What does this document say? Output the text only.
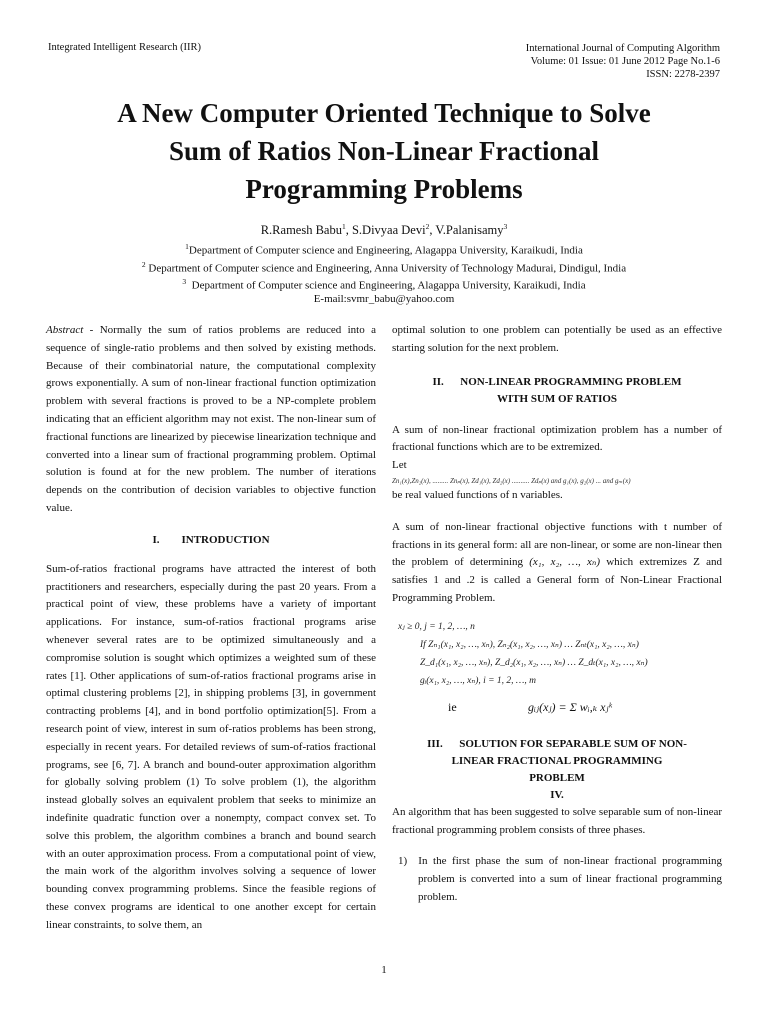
Integrated Intelligent Research (IIR)	International Journal of Computing Algorithm
Volume: 01 Issue: 01 June 2012 Page No.1-6
ISSN: 2278-2397
A New Computer Oriented Technique to Solve
Sum of Ratios Non-Linear Fractional
Programming Problems
R.Ramesh Babu$^1$, S.Divyaa Devi$^2$, V.Palanisamy$^3$
$^1$Department of Computer science and Engineering, Alagappa University, Karaikudi, India
$^2$ Department of Computer science and Engineering, Anna University of Technology Madurai, Dindigul, India
$^3$ Department of Computer science and Engineering, Alagappa University, Karaikudi, India
E-mail:svmr_babu@yahoo.com

Abstract - Normally the sum of ratios problems are reduced into a sequence of single-ratio problems and then solved by existing methods. Because of their combinatorial nature, the computational complexity grows exponentially. A sum of non-linear fractional function optimization problem with several fractions is proved to be a NP-complete problem indicating that an efficient algorithm may not exist. The non-linear sum of fractional functions are linearized by piecewise linearization technique and converted into a linear sum of fractional programming problem. Optimal solution is found at for the new problem. The number of iterations depends on the contribution of decision variables to objective function value.

I.        INTRODUCTION

Sum-of-ratios fractional programs have attracted the interest of both practitioners and researchers, especially during the past 20 years. From a practical point of view, these problems have a variety of important applications. For instance, sum-of-ratios fractional programs arise whenever several rates are to be optimized simultaneously and a compromise solution is sought which optimizes a weighted sum of these rates [1]. Other applications of sum-of-ratios fractional programs arise in optimal clustering problems [2], in shipping problems [3], in government contracting problems [4], and in bond portfolio optimization[5]. From a research point of view, interest in sum of-ratios problems has been strong, especially in recent years. For detailed reviews of sum-of-ratios fractional programs, see [6, 7]. A branch and bound-outer approximation algorithm for globally solving problem (1) To solve problem (1), the algorithm instead globally solves an equivalent problem that seeks to minimize an indefinite quadratic function over a nonempty, compact convex set. To solve this problem, the algorithm combines a branch and bound search with an outer approximation process. From a computational point of view, the main work of the algorithm involves solving a sequence of lower bounding convex programming problems. Since the feasible regions of these convex programs are identical to one another except for certain linear constraints, to solve them, an

optimal solution to one problem can potentially be used as an effective starting solution for the next problem.

II.      NON-LINEAR PROGRAMMING PROBLEM

WITH SUM OF RATIOS

A sum of non-linear fractional optimization problem has a number of fractional functions which are to be extremized.

Let

Zn₁(x),Zn₂(x), ......... Znₚ(x), Zd₁(x), Zd₂(x) .......... Zdₚ(x) and g₁(x), g₂(x) ... and gₘ(x)

be real valued functions of n variables.

A sum of non-linear fractional objective functions with t number of fractions in its general form: all are non-linear, or some are non-linear then the problem of determining (x₁, x₂, …, xₙ) which extremizes Z and satisfies 1 and .2 is called a General form of Non-Linear Fractional Programming Problem.

xⱼ ≥ 0, j = 1, 2, …, n
If Zₙ₁(x₁, x₂, …, xₙ), Zₙ₂(x₁, x₂, …, xₙ) … Zₙₜ(x₁, x₂, …, xₙ)
Z_d₁(x₁, x₂, …, xₙ), Z_d₂(x₁, x₂, …, xₙ) … Z_dₜ(x₁, x₂, …, xₙ)
gᵢ(x₁, x₂, …, xₙ), i = 1, 2, …, m
ie	gᵢⱼ(xⱼ) = Σ wᵢ,ₖ xⱼᵏ

III.      SOLUTION FOR SEPARABLE SUM OF NON-

LINEAR FRACTIONAL PROGRAMMING

PROBLEM

IV.

An algorithm that has been suggested to solve separable sum of non-linear fractional programming problem consists of three phases.

1)  In the first phase the sum of non-linear fractional programming problem is converted into a sum of linear fractional programming problem.

1
